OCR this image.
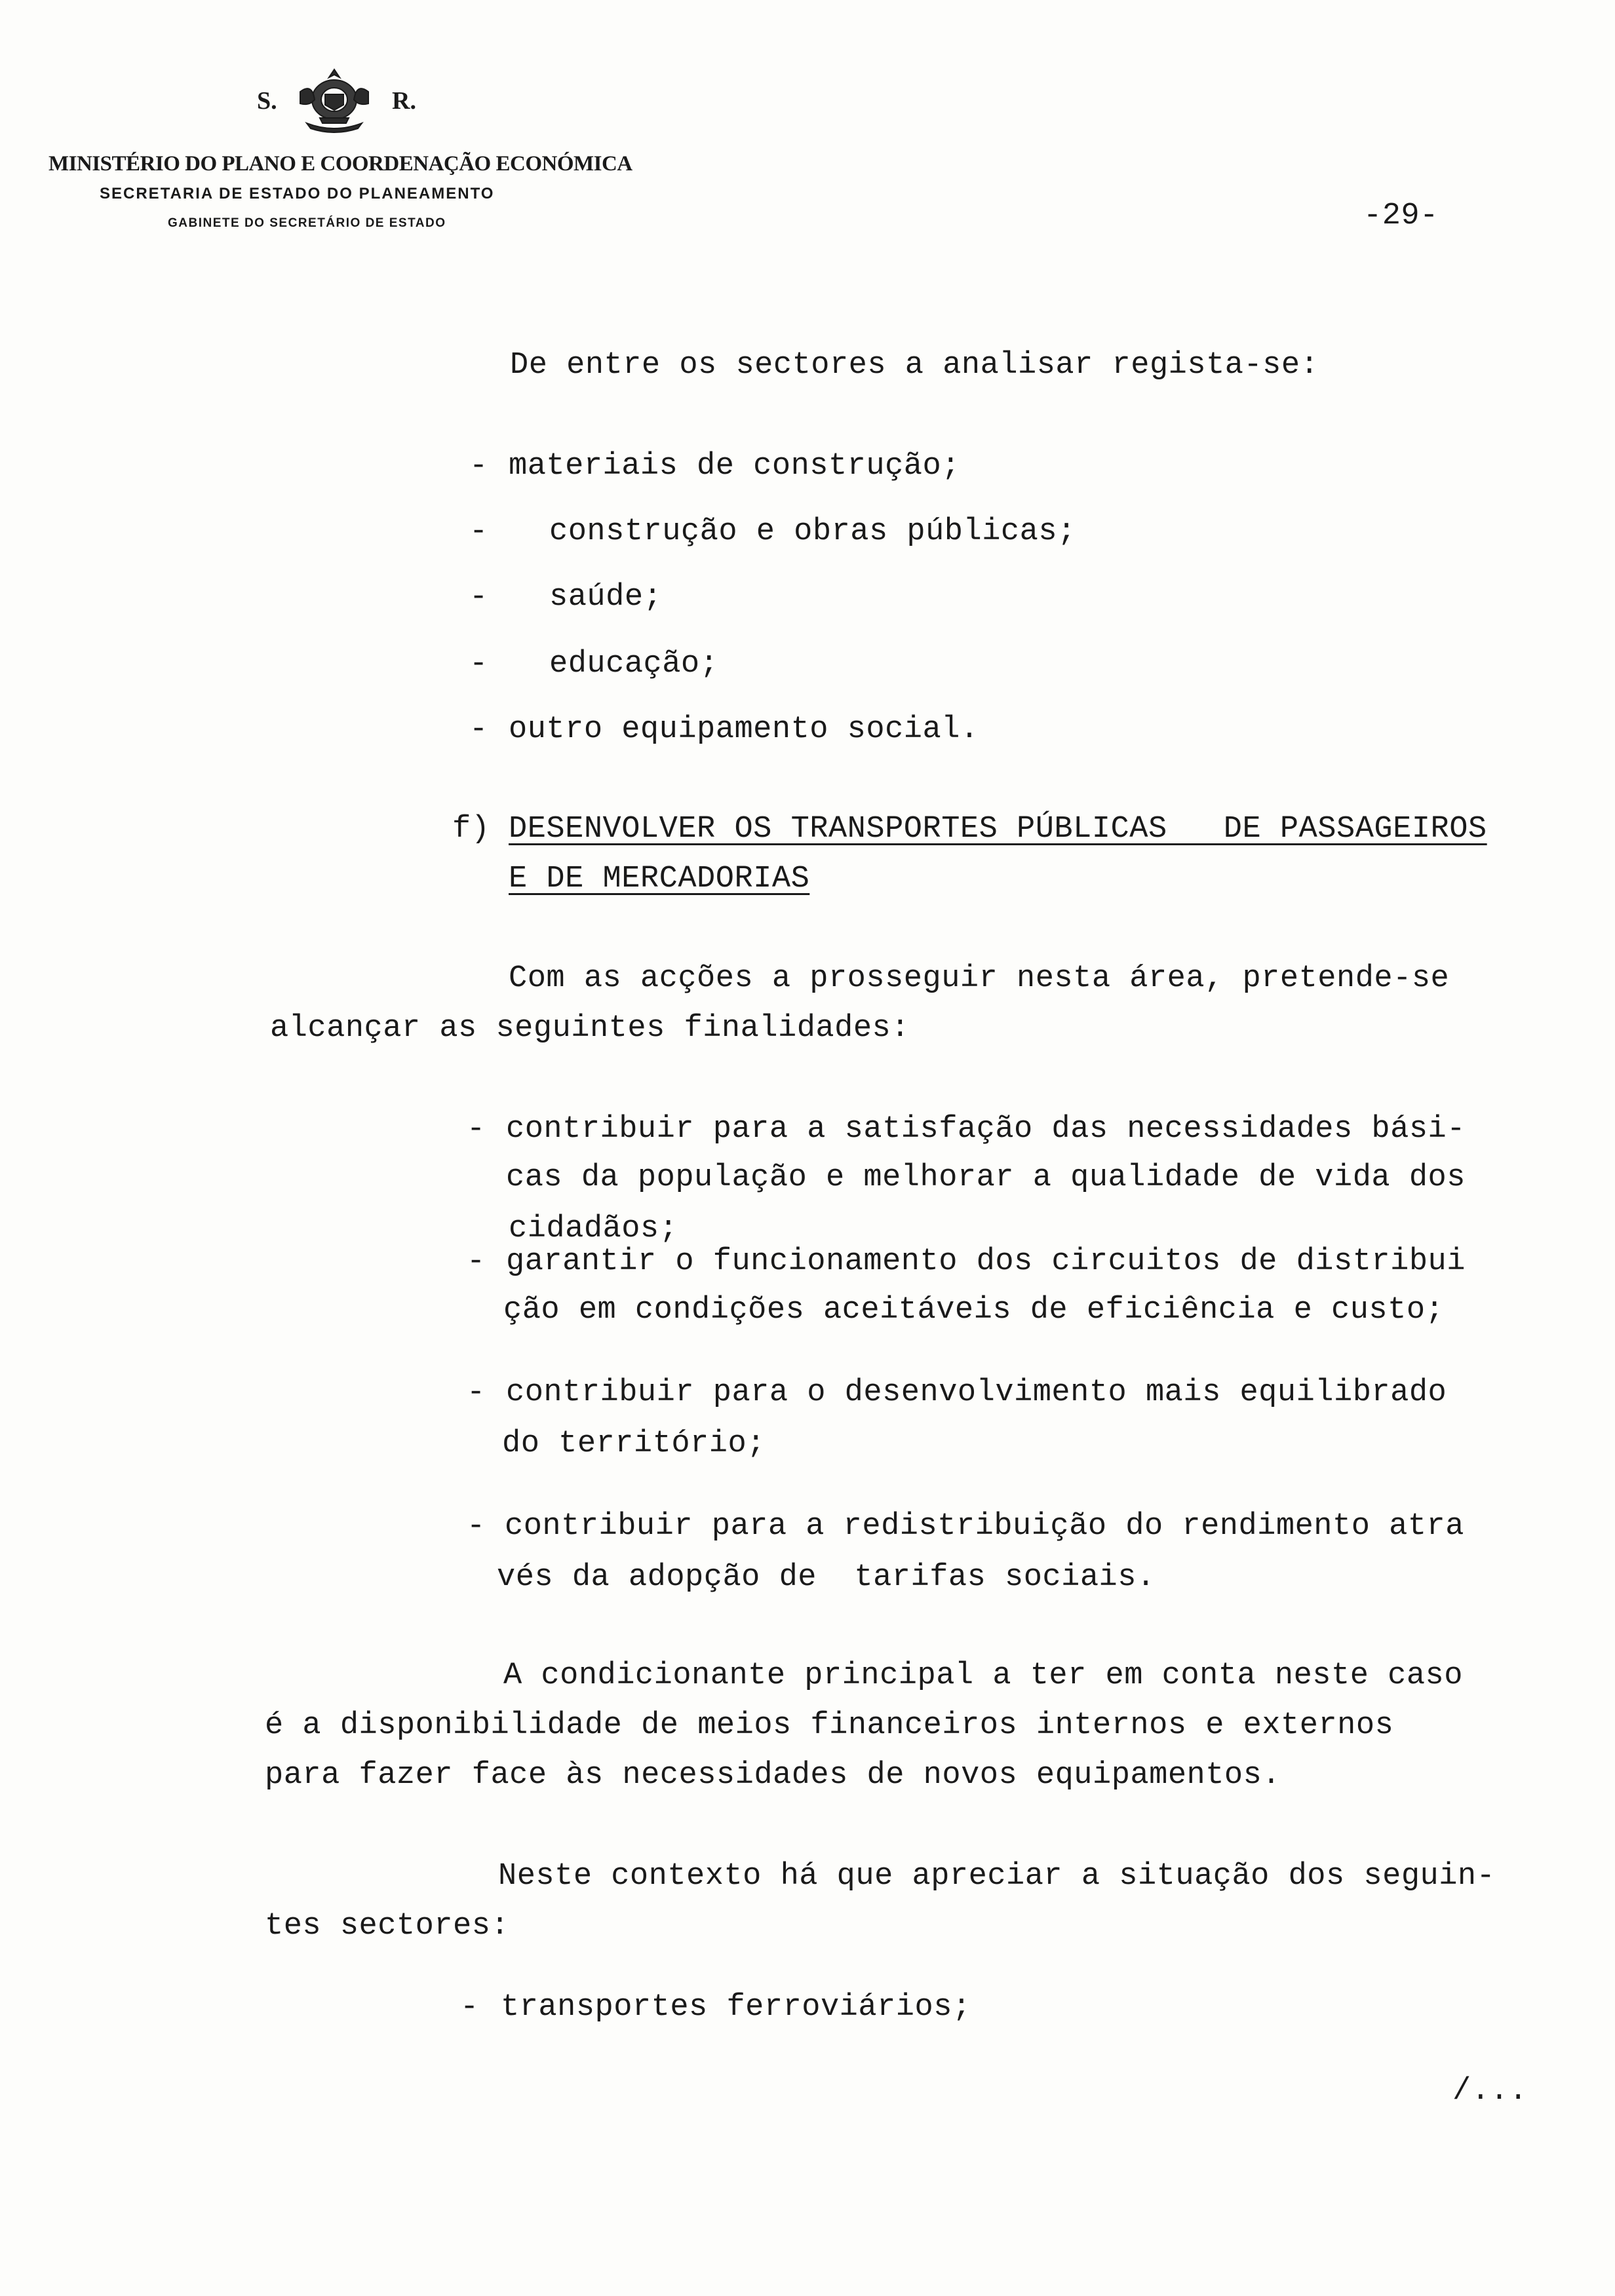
S.	R.
MINISTÉRIO DO PLANO E COORDENAÇÃO ECONÓMICA
SECRETARIA DE ESTADO DO PLANEAMENTO
GABINETE DO SECRETÁRIO DE ESTADO	-29-
De entre os sectores a analisar regista-se:
- materiais de construção;
- construção e obras públicas;
- saúde;
- educação;
- outro equipamento social.
f) DESENVOLVER OS TRANSPORTES PÚBLICAS   DE PASSAGEIROS
E DE MERCADORIAS
Com as acções a prosseguir nesta área, pretende-se
alcançar as seguintes finalidades:
- contribuir para a satisfação das necessidades bási-
cas da população e melhorar a qualidade de vida dos
cidadãos;
- garantir o funcionamento dos circuitos de distribui
ção em condições aceitáveis de eficiência e custo;
- contribuir para o desenvolvimento mais equilibrado
do território;
- contribuir para a redistribuição do rendimento atra
vés da adopção de  tarifas sociais.
A condicionante principal a ter em conta neste caso
é a disponibilidade de meios financeiros internos e externos
para fazer face às necessidades de novos equipamentos.
Neste contexto há que apreciar a situação dos seguin-
tes sectores:
- transportes ferroviários;
/...
